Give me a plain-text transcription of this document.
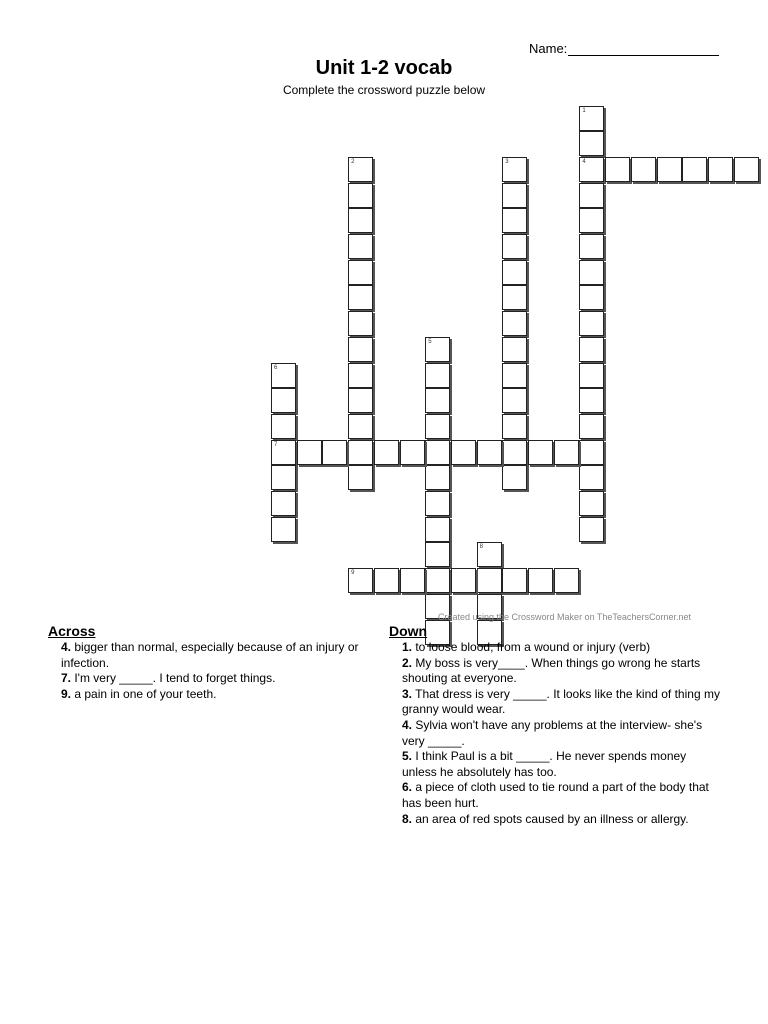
Name:
Unit 1-2 vocab
Complete the crossword puzzle below
1
4
2	3
5
6
7
8
9
Created using the Crossword Maker on TheTeachersCorner.net
Across
4. bigger than normal, especially because of an injury or infection.
7. I'm very _____. I tend to forget things.
9. a pain in one of your teeth.
Down
1. to loose blood, from a wound or injury (verb)
2. My boss is very____. When things go wrong he starts shouting at everyone.
3. That dress is very _____. It looks like the kind of thing my granny would wear.
4. Sylvia won't have any problems at the interview- she's very _____.
5. I think Paul is a bit _____. He never spends money unless he absolutely has too.
6. a piece of cloth used to tie round a part of the body that has been hurt.
8. an area of red spots caused by an illness or allergy.
